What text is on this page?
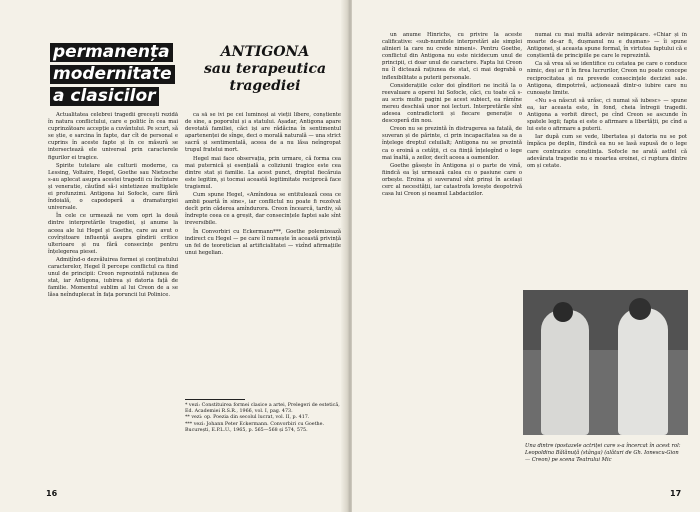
permanența
modernitate
a clasicilor
ANTIGONA
sau terapeutica
tragediei

Actualitatea celebrei tragedii grecești rezidă în natura conflictului, care e politic în cea mai cuprinzătoare accepție a cuvântului. Pe scurt, să se știe, e sarcina în fapte, dar cît de personal e cuprins în aceste fapte și în ce măsură se intersectează ele universal prin caracterele figurilor ei tragice.

Spirite tutelare ale culturii moderne, ca Lessing, Voltaire, Hegel, Goethe sau Nietzsche s-au aplecat asupra acestei tragedii cu încîntare și veneratie, căutînd să-i sintetizeze multiplele ei profunzimi. Antigona lui Sofocle, care fără îndoială, o capodoperă a dramaturgiei universale.

În cele ce urmează ne vom opri la două dintre interpretările tragediei, și anume la aceea ale lui Hegel și Goethe, care au avut o covîrșitoare influență asupra gîndirii critice ulterioare și nu fără consecințe pentru înțelegerea piesei.

Admițînd-o dezvăluirea formei și conținutului caracterelor, Hegel îl percepe conflictul ca fiind unul de principii: Creon reprezintă rațiunea de stat, iar Antigona, iubirea și datoria față de familie. Momentul sublim al lui Creon de a se lăsa neînduplecat în fața poruncii lui Polinice.

ca să se ivi pe cei luminoși ai vieții libere, conștiente de sine, a poporului și a statului. Așadar, Antigona apare devotată familiei, căci iși are rădăcina în sentimentul apartenenței de sînge, deci o morală naturală — una strict sacră și sentimentală, aceea de a nu lăsa neîngropat trupul fratelui mort.

Hegel mai face observația, prin urmare, că forma cea mai puternică și esențială a coliziunii tragice este cea dintre stat și familie. La acest punct, dreptul fiecăruia este legitim, și tocmai această legitimitate reciprocă face tragismul.

Cum spune Hegel, «Amîndoua se entitulează ceea ce ambii poartă în sine», iar conflictul nu poate fi rezolvat decît prin căderea amîndurora. Creon încearcă, tardiv, să îndrepte ceea ce a greșit, dar consecințele faptei sale sînt ireversibile.

În Convorbiri cu Eckermann***, Goethe polemizează indirect cu Hegel — pe care îl numește în această privință un fel de teoretician al artificialitatei — vizînd afirmațiile unui hegelian.

* vezi: Constituirea formei clasice a artei, Prelegeri de estetică, Ed. Academiei R.S.R., 1966, vol. I, pag. 473.

** vezi: op. Poezia din secolul lucrat, vol. II, p. 417.

*** vezi: Johann Peter Eckermann. Convorbiri cu Goethe. București, E.P.L.U., 1965, p. 565—568 și 574, 575.

16

un anume Hinrichs, cu privire la aceste calificative: «sub-numitele interpretări ale simplei alinieri la care nu crede nimeni». Pentru Goethe, conflictul din Antigona nu este nicidecum unul de principii, ci doar unul de caractere. Fapta lui Creon nu îl dictează rațiunea de stat, ci mai degrabă o inflexibilitate a puterii personale.

Considerațiile celor doi gînditori ne incită la o reevaluare a operei lui Sofocle, căci, cu toate că s-au scris multe pagini pe acest subiect, ea rămîne mereu deschisă unor noi lecturi. Interpretările sînt adesea contradictorii și fiecare generație o descoperă din nou.

Creon nu se prezintă în distrugerea sa fatală, de suveran și de părinte, ci prin incapacitatea sa de a înțelege dreptul celuilalt; Antigona nu se prezintă ca o eroină a cetății, ci ca ființă înțelegînd o lege mai înaltă, a zeilor, decît aceea a oamenilor.

Goethe găsește în Antigona și o parte de vină, fiindcă ea își urmează calea cu o pasiune care o orbește. Eroina și suveranul sînt prinși în același cerc al necesității, iar catastrofa lovește deopotrivă casa lui Creon și neamul Labdacizilor.

numai cu mai multă adevăr neîmpăcare. «Chiar și în moarte de-ar fi, dușmanul nu e dușman» — îi spune Antigonei, și aceasta spune formal, în virtutea faptului că e conștientă de principiile pe care le reprezintă.

Ca să vrea să se identifice cu cetatea pe care o conduce nimic, deși ar fi în firea lucrurilor, Creon nu poate concepe reciprocitatea și nu prevede consecințele deciziei sale. Antigona, dimpotrivă, acționează dintr-o iubire care nu cunoaște limite.

«Nu s-a născut să urăsc, ci numai să iubesc» — spune ea, iar aceasta este, în fond, cheia întregii tragedii. Antigona a vorbit direct, pe cînd Creon se ascunde în spatele legii; fapta ei este o afirmare a libertății, pe cînd a lui este o afirmare a puterii.

Iar după cum se vede, libertatea și datoria nu se pot împăca pe deplin, fiindcă ea nu se lasă supusă de o lege care contrazice conștiința. Sofocle ne arată astfel că adevărata tragedie nu e moartea eroinei, ci ruptura dintre om și cetate.

17
Una dintre ipostazele actriței care s-a încercat în acest rol: Leopoldina Bălănuță (stânga) (alături de Gh. Ionescu-Gion — Creon) pe scena Teatrului Mic
